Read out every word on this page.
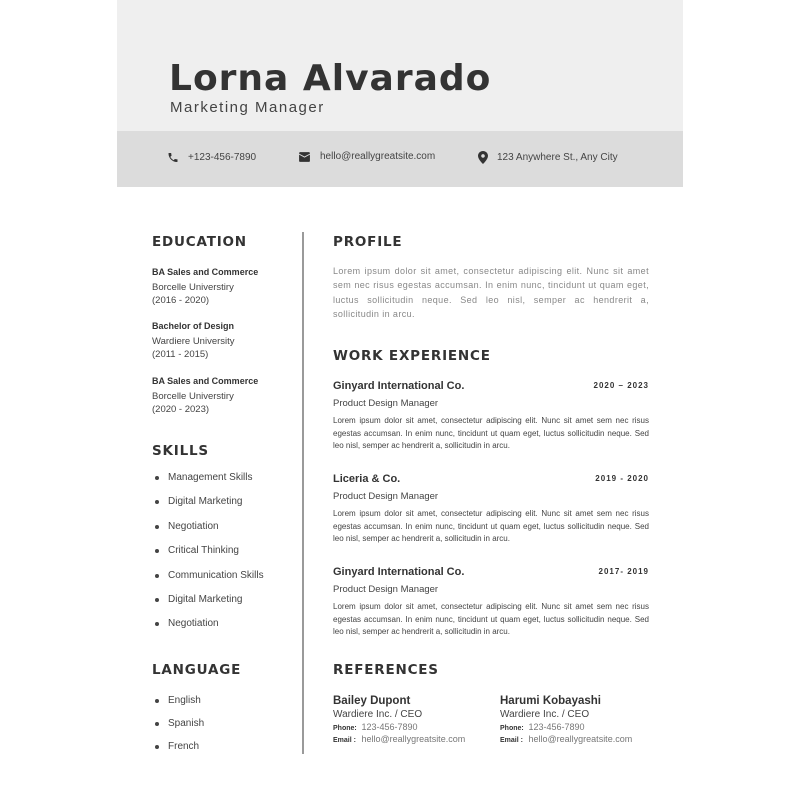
Lorna Alvarado
Marketing Manager
+123-456-7890	hello@reallygreatsite.com	123 Anywhere St., Any City
EDUCATION
BA Sales and Commerce
Borcelle Universtiry
(2016 - 2020)
Bachelor of Design
Wardiere University
(2011 - 2015)
BA Sales and Commerce
Borcelle Universtiry
(2020 - 2023)
SKILLS
Management Skills
Digital Marketing
Negotiation
Critical Thinking
Communication Skills
Digital Marketing
Negotiation
LANGUAGE
English
Spanish
French
PROFILE
Lorem ipsum dolor sit amet, consectetur adipiscing elit. Nunc sit amet sem nec risus egestas accumsan. In enim nunc, tincidunt ut quam eget, luctus sollicitudin neque. Sed leo nisl, semper ac hendrerit a, sollicitudin in arcu.
WORK EXPERIENCE
Ginyard International Co.	2020 – 2023
Product Design Manager
Lorem ipsum dolor sit amet, consectetur adipiscing elit. Nunc sit amet sem nec risus egestas accumsan. In enim nunc, tincidunt ut quam eget, luctus sollicitudin neque. Sed leo nisl, semper ac hendrerit a, sollicitudin in arcu.
Liceria & Co.	2019 - 2020
Product Design Manager
Lorem ipsum dolor sit amet, consectetur adipiscing elit. Nunc sit amet sem nec risus egestas accumsan. In enim nunc, tincidunt ut quam eget, luctus sollicitudin neque. Sed leo nisl, semper ac hendrerit a, sollicitudin in arcu.
Ginyard International Co.	2017- 2019
Product Design Manager
Lorem ipsum dolor sit amet, consectetur adipiscing elit. Nunc sit amet sem nec risus egestas accumsan. In enim nunc, tincidunt ut quam eget, luctus sollicitudin neque. Sed leo nisl, semper ac hendrerit a, sollicitudin in arcu.
REFERENCES
Bailey Dupont
Wardiere Inc. / CEO
Phone: 123-456-7890
Email : hello@reallygreatsite.com
Harumi Kobayashi
Wardiere Inc. / CEO
Phone: 123-456-7890
Email : hello@reallygreatsite.com
